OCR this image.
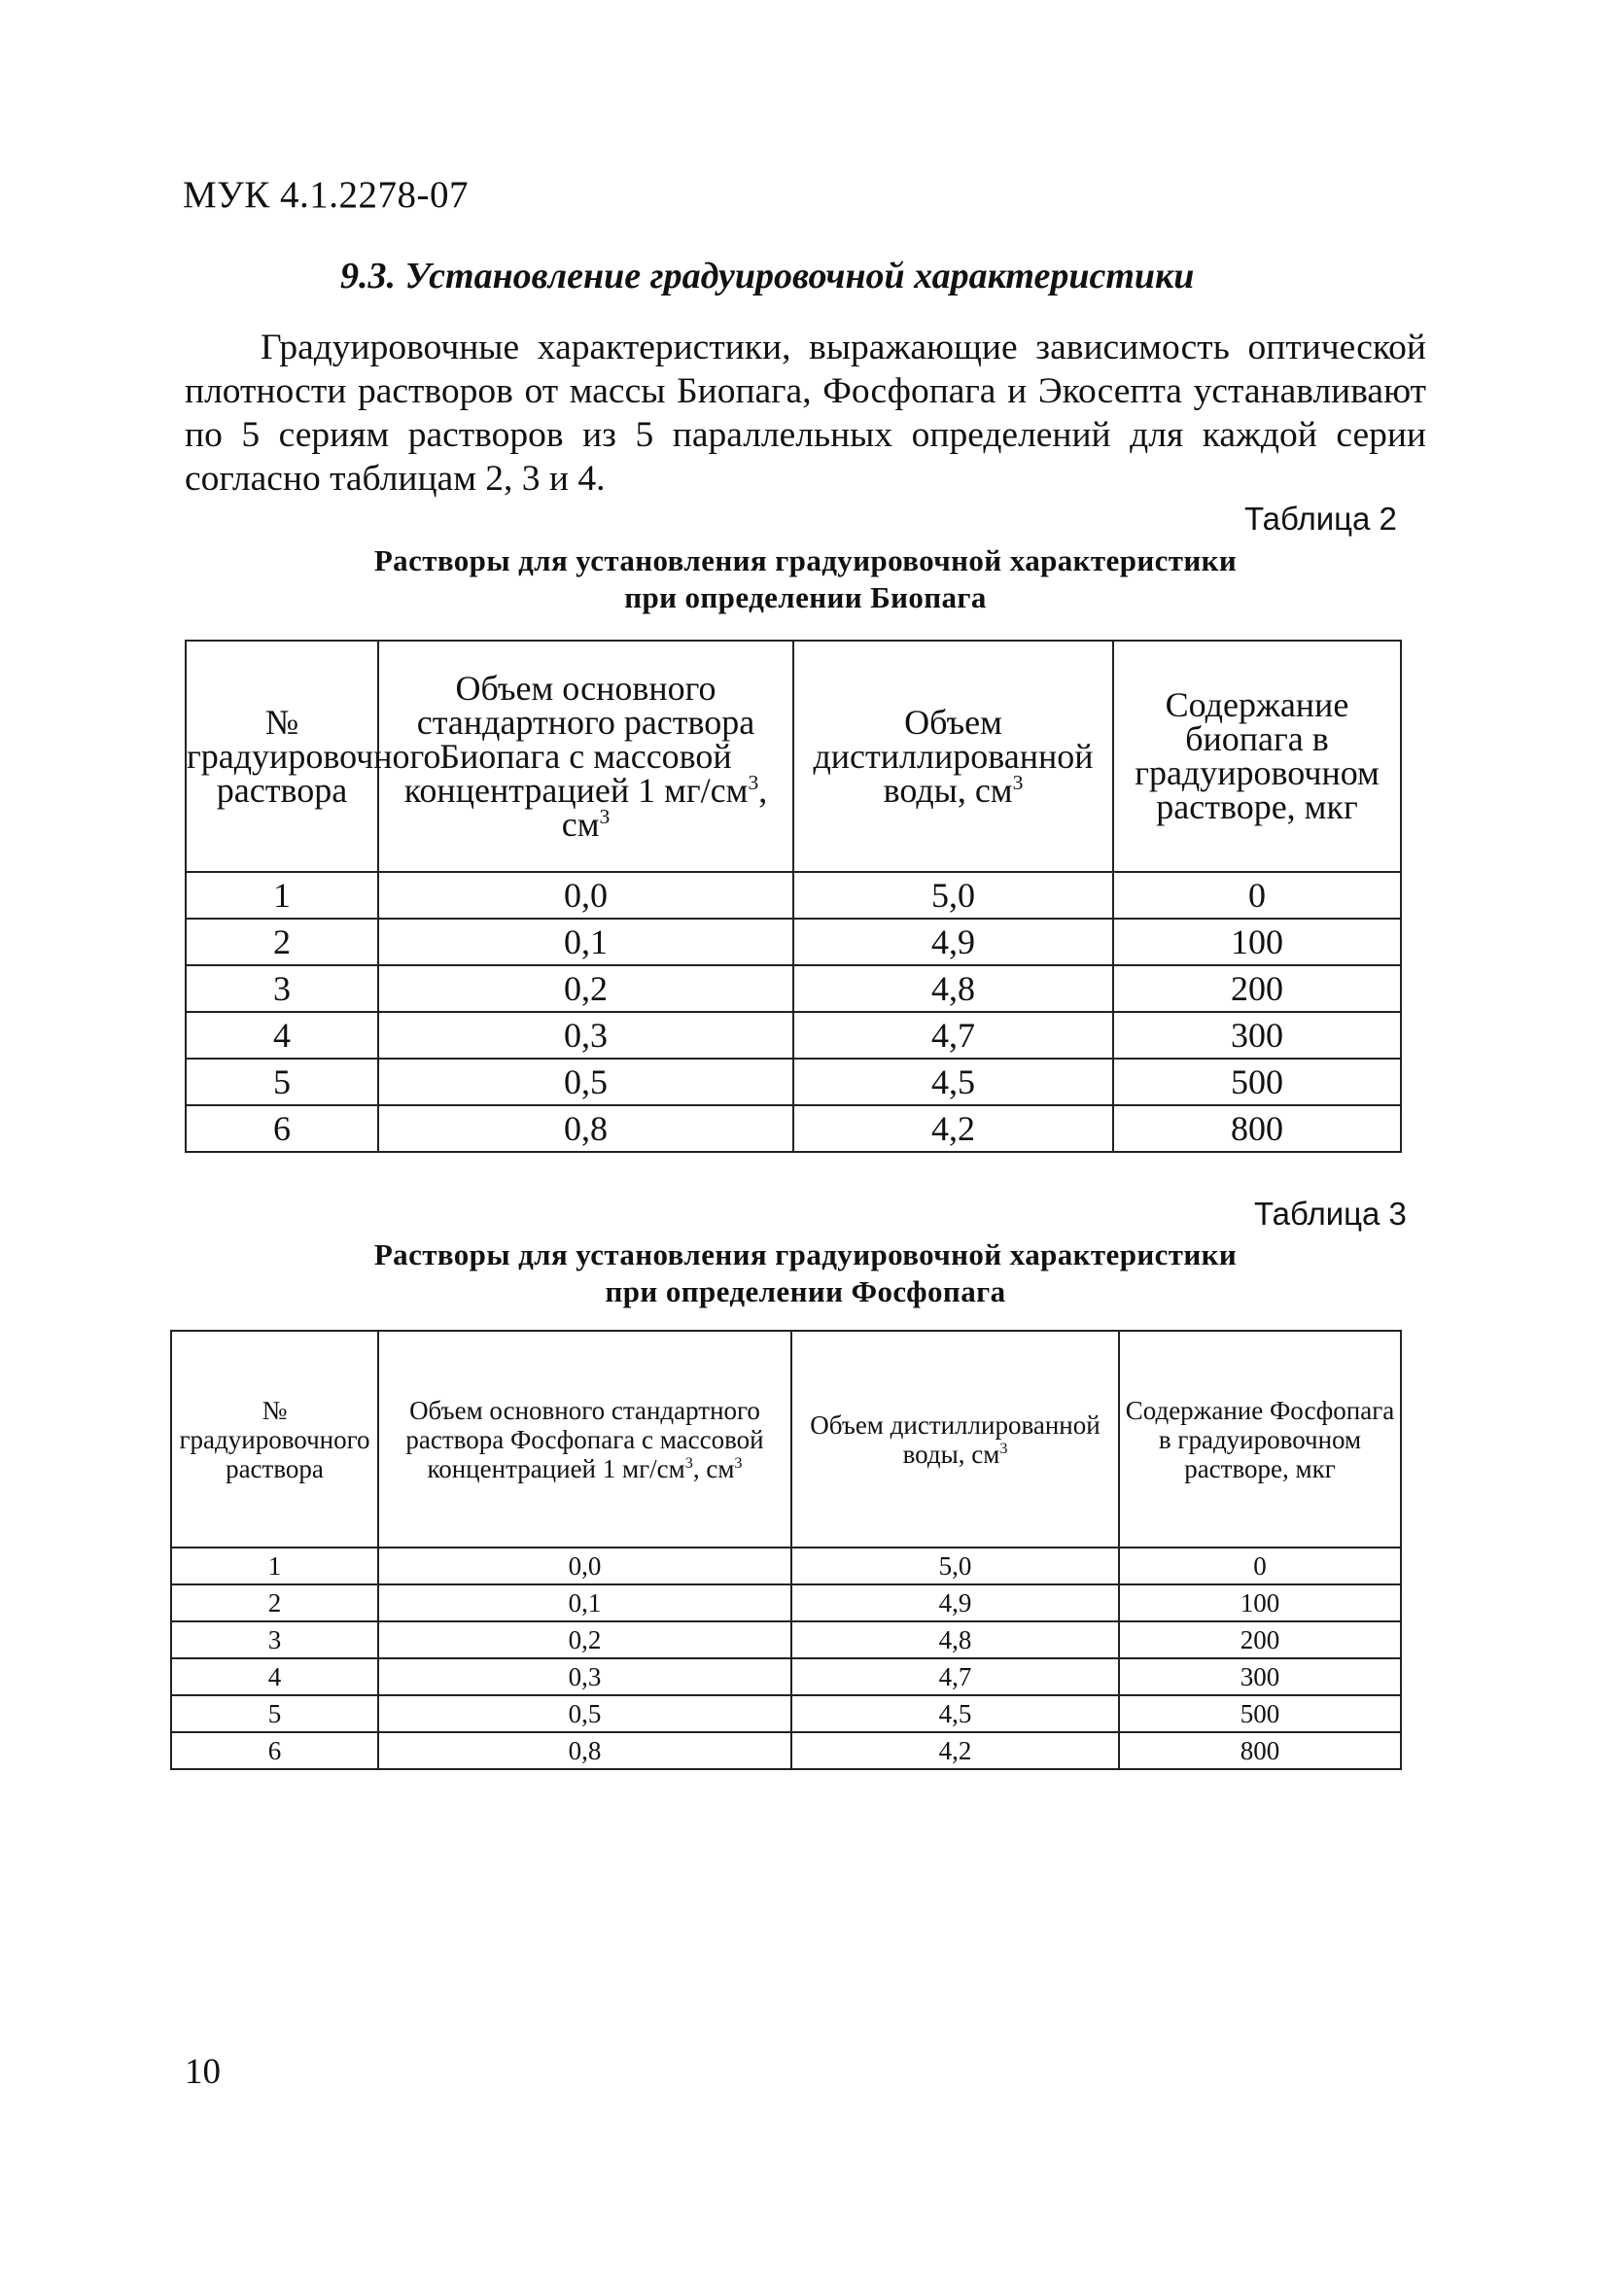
МУК 4.1.2278-07
9.3. Установление градуировочной характеристики

Градуировочные характеристики, выражающие зависимость оптической плотности растворов от массы Биопага, Фосфопага и Экосепта устанавливают по 5 сериям растворов из 5 параллельных определений для каждой серии согласно таблицам 2, 3 и 4.

Таблица 2
Растворы для установления градуировочной характеристики
при определении Биопага
№ градуировочного раствора	Объем основного стандартного раствора Биопага с массовой концентрацией 1 $мг/см^3$, $см^3$	Объем дистиллированной воды, $см^3$	Содержание биопага в градуировочном растворе, мкг
1	0,0	5,0	0
2	0,1	4,9	100
3	0,2	4,8	200
4	0,3	4,7	300
5	0,5	4,5	500
6	0,8	4,2	800
Таблица 3
Растворы для установления градуировочной характеристики
при определении Фосфопага
№ градуировочного раствора	Объем основного стандартного раствора Фосфопага с массовой концентрацией 1 $мг/см^3$, $см^3$	Объем дистиллированной воды, $см^3$	Содержание Фосфопага в градуировочном растворе, мкг
1	0,0	5,0	0
2	0,1	4,9	100
3	0,2	4,8	200
4	0,3	4,7	300
5	0,5	4,5	500
6	0,8	4,2	800
10
